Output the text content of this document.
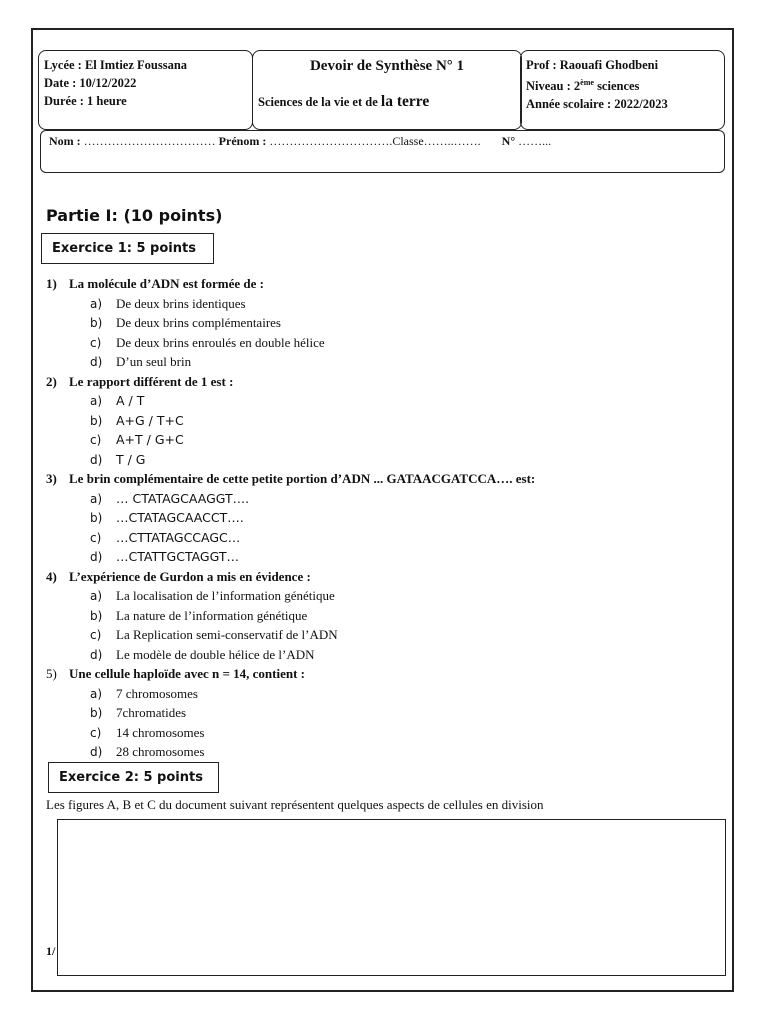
Lycée : El Imtiez Foussana
Date : 10/12/2022
Durée : 1 heure
Devoir de Synthèse N° 1
Sciences de la vie et de la terre
Prof : Raouafi Ghodbeni
Niveau : 2ème sciences
Année scolaire : 2022/2023
Nom : …………………………… Prénom : ………………………….Classe……..……. N° ……...
Partie I: (10 points)
Exercice 1: 5 points
1) La molécule d’ADN est formée de :
a) De deux brins identiques
b) De deux brins complémentaires
c) De deux brins enroulés en double hélice
d) D’un seul brin
2) Le rapport différent de 1 est :
a) A / T
b) A+G / T+C
c) A+T / G+C
d) T / G
3) Le brin complémentaire de cette petite portion d’ADN ... GATAACGATCCA…. est:
a) … CTATAGCAAGGT….
b) …CTATAGCAACCT….
c) …CTTATAGCCAGC…
d) …CTATTGCTAGGT…
4) L’expérience de Gurdon a mis en évidence :
a) La localisation de l’information génétique
b) La nature de l’information génétique
c) La Replication semi-conservatif de l’ADN
d) Le modèle de double hélice de l’ADN
5) Une cellule haploïde avec n = 14, contient :
a) 7 chromosomes
b) 7chromatides
c) 14 chromosomes
d) 28 chromosomes
Exercice 2: 5 points
Les figures A, B et C du document suivant représentent quelques aspects de cellules en division
1/
